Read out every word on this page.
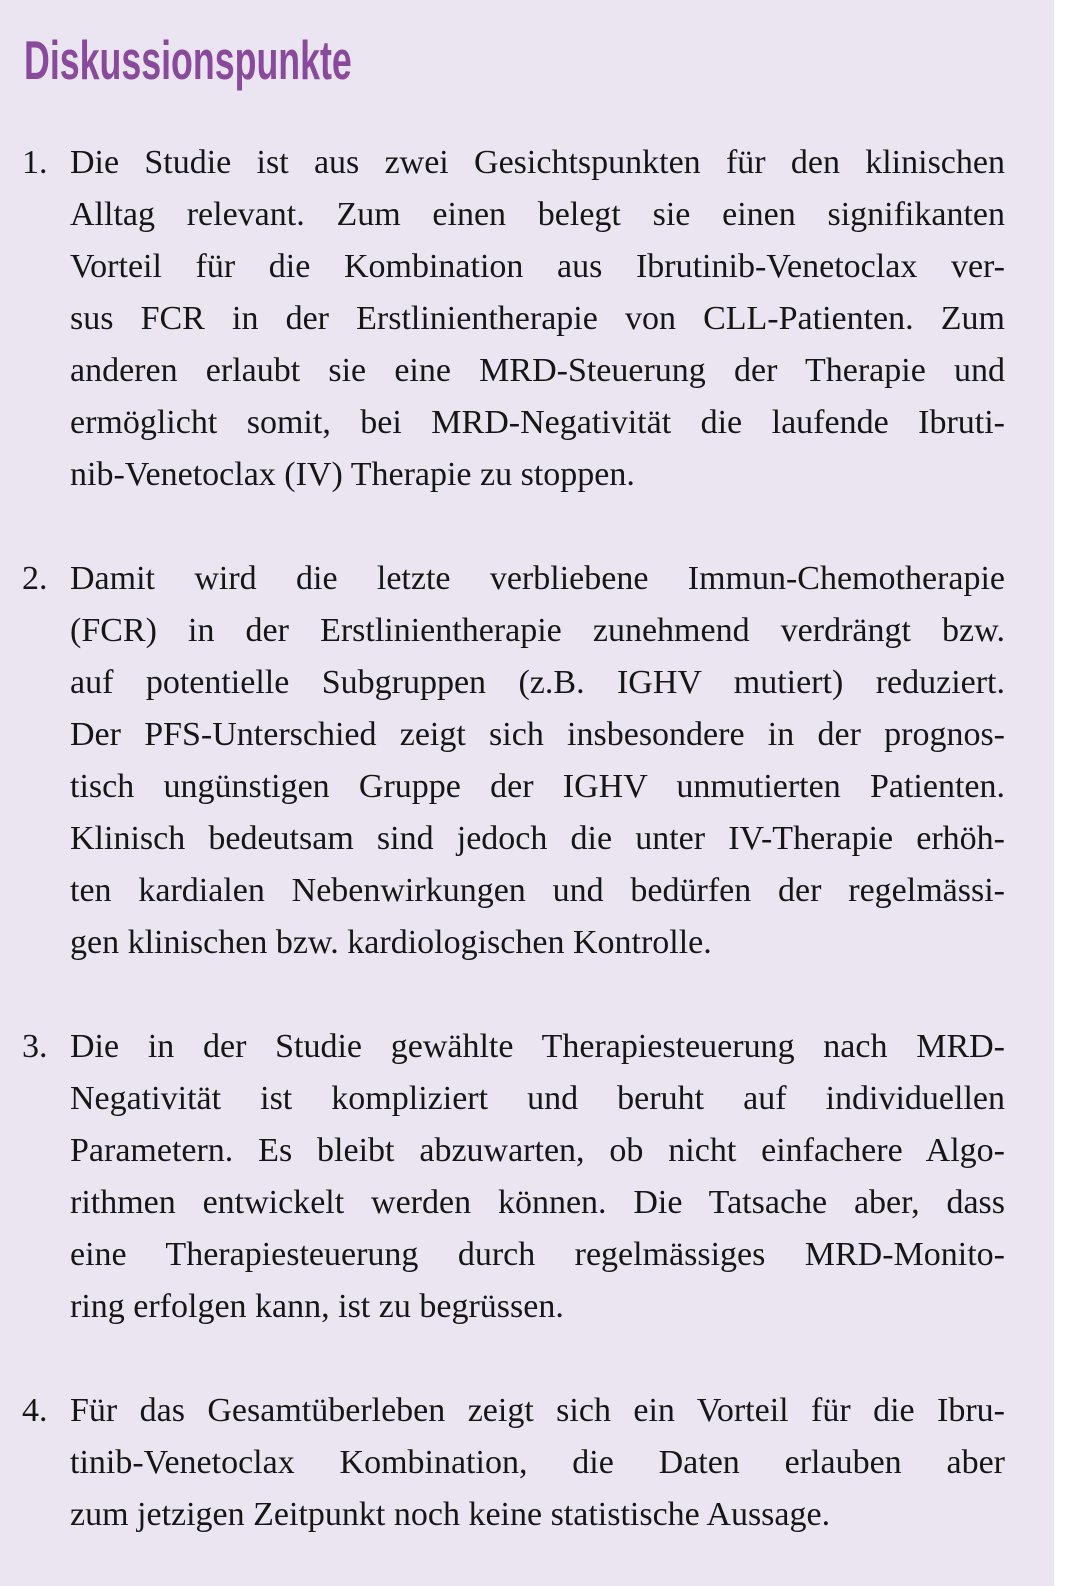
Diskussionspunkte
1. Die Studie ist aus zwei Gesichtspunkten für den klinischen
Alltag relevant. Zum einen belegt sie einen signifikanten
Vorteil für die Kombination aus Ibrutinib-Venetoclax ver-
sus FCR in der Erstlinientherapie von CLL-Patienten. Zum
anderen erlaubt sie eine MRD-Steuerung der Therapie und
ermöglicht somit, bei MRD-Negativität die laufende Ibruti-
nib-Venetoclax (IV) Therapie zu stoppen.
2. Damit wird die letzte verbliebene Immun-Chemotherapie
(FCR) in der Erstlinientherapie zunehmend verdrängt bzw.
auf potentielle Subgruppen (z.B. IGHV mutiert) reduziert.
Der PFS-Unterschied zeigt sich insbesondere in der prognos-
tisch ungünstigen Gruppe der IGHV unmutierten Patienten.
Klinisch bedeutsam sind jedoch die unter IV-Therapie erhöh-
ten kardialen Nebenwirkungen und bedürfen der regelmässi-
gen klinischen bzw. kardiologischen Kontrolle.
3. Die in der Studie gewählte Therapiesteuerung nach MRD-
Negativität ist kompliziert und beruht auf individuellen
Parametern. Es bleibt abzuwarten, ob nicht einfachere Algo-
rithmen entwickelt werden können. Die Tatsache aber, dass
eine Therapiesteuerung durch regelmässiges MRD-Monito-
ring erfolgen kann, ist zu begrüssen.
4. Für das Gesamtüberleben zeigt sich ein Vorteil für die Ibru-
tinib-Venetoclax Kombination, die Daten erlauben aber
zum jetzigen Zeitpunkt noch keine statistische Aussage.
